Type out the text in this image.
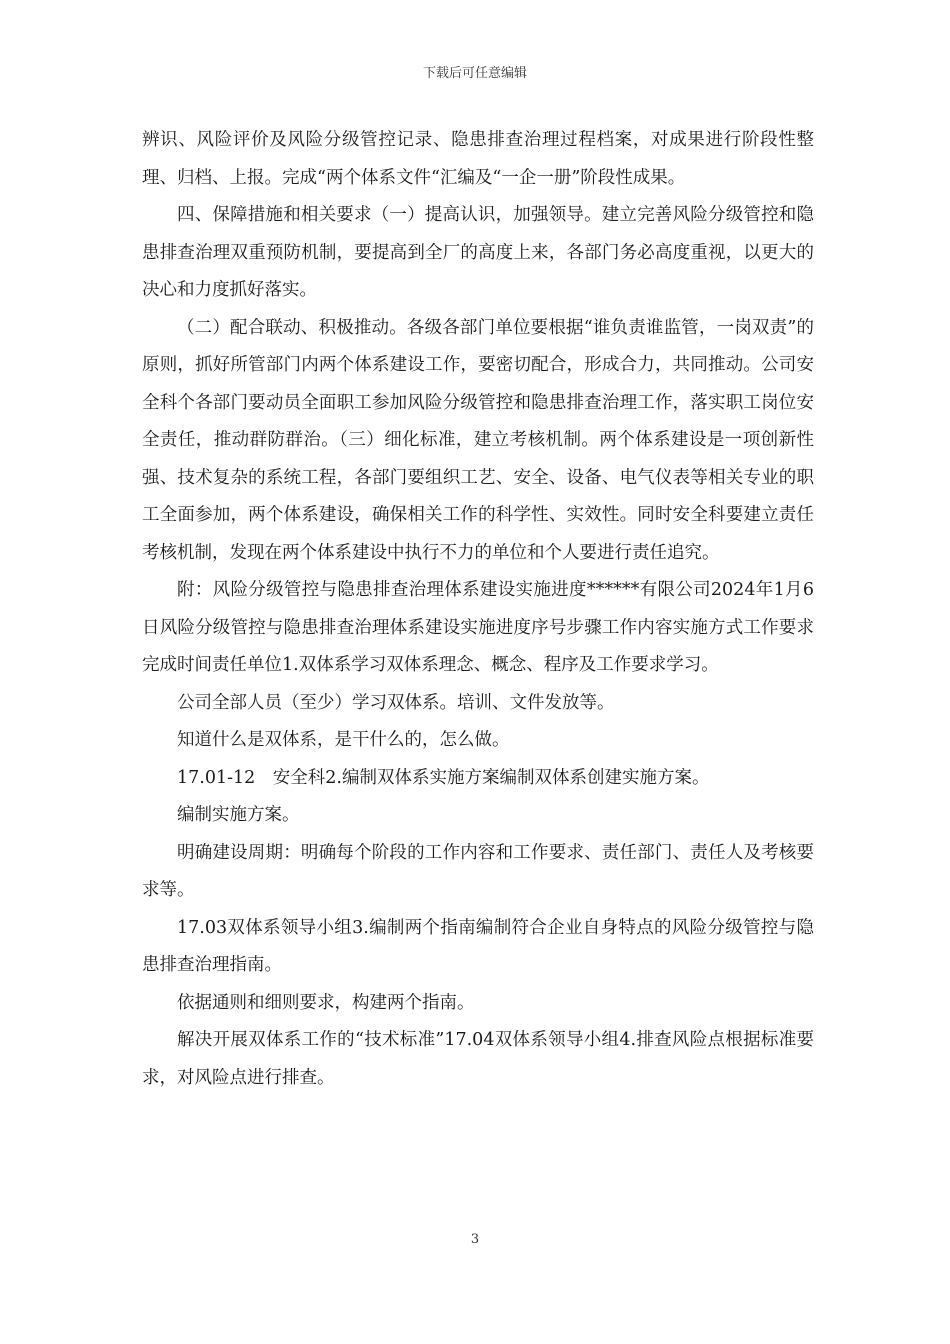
下载后可任意编辑

辨识、风险评价及风险分级管控记录、隐患排查治理过程档案，对成果进行阶段性整理、归档、上报。完成“两个体系文件“汇编及“一企一册”阶段性成果。

四、保障措施和相关要求（一）提高认识，加强领导。建立完善风险分级管控和隐患排查治理双重预防机制，要提高到全厂的高度上来，各部门务必高度重视，以更大的决心和力度抓好落实。

（二）配合联动、积极推动。各级各部门单位要根据“谁负责谁监管，一岗双责”的原则，抓好所管部门内两个体系建设工作，要密切配合，形成合力，共同推动。公司安全科个各部门要动员全面职工参加风险分级管控和隐患排查治理工作，落实职工岗位安全责任，推动群防群治。（三）细化标准，建立考核机制。两个体系建设是一项创新性强、技术复杂的系统工程，各部门要组织工艺、安全、设备、电气仪表等相关专业的职工全面参加，两个体系建设，确保相关工作的科学性、实效性。同时安全科要建立责任考核机制，发现在两个体系建设中执行不力的单位和个人要进行责任追究。

附：风险分级管控与隐患排查治理体系建设实施进度******有限公司2024年1月6日风险分级管控与隐患排查治理体系建设实施进度序号步骤工作内容实施方式工作要求完成时间责任单位1.双体系学习双体系理念、概念、程序及工作要求学习。

公司全部人员（至少）学习双体系。培训、文件发放等。

知道什么是双体系，是干什么的，怎么做。

17.01-12　安全科2.编制双体系实施方案编制双体系创建实施方案。

编制实施方案。

明确建设周期：明确每个阶段的工作内容和工作要求、责任部门、责任人及考核要求等。

17.03双体系领导小组3.编制两个指南编制符合企业自身特点的风险分级管控与隐患排查治理指南。

依据通则和细则要求，构建两个指南。

解决开展双体系工作的“技术标准”17.04双体系领导小组4.排查风险点根据标准要求，对风险点进行排查。

3
